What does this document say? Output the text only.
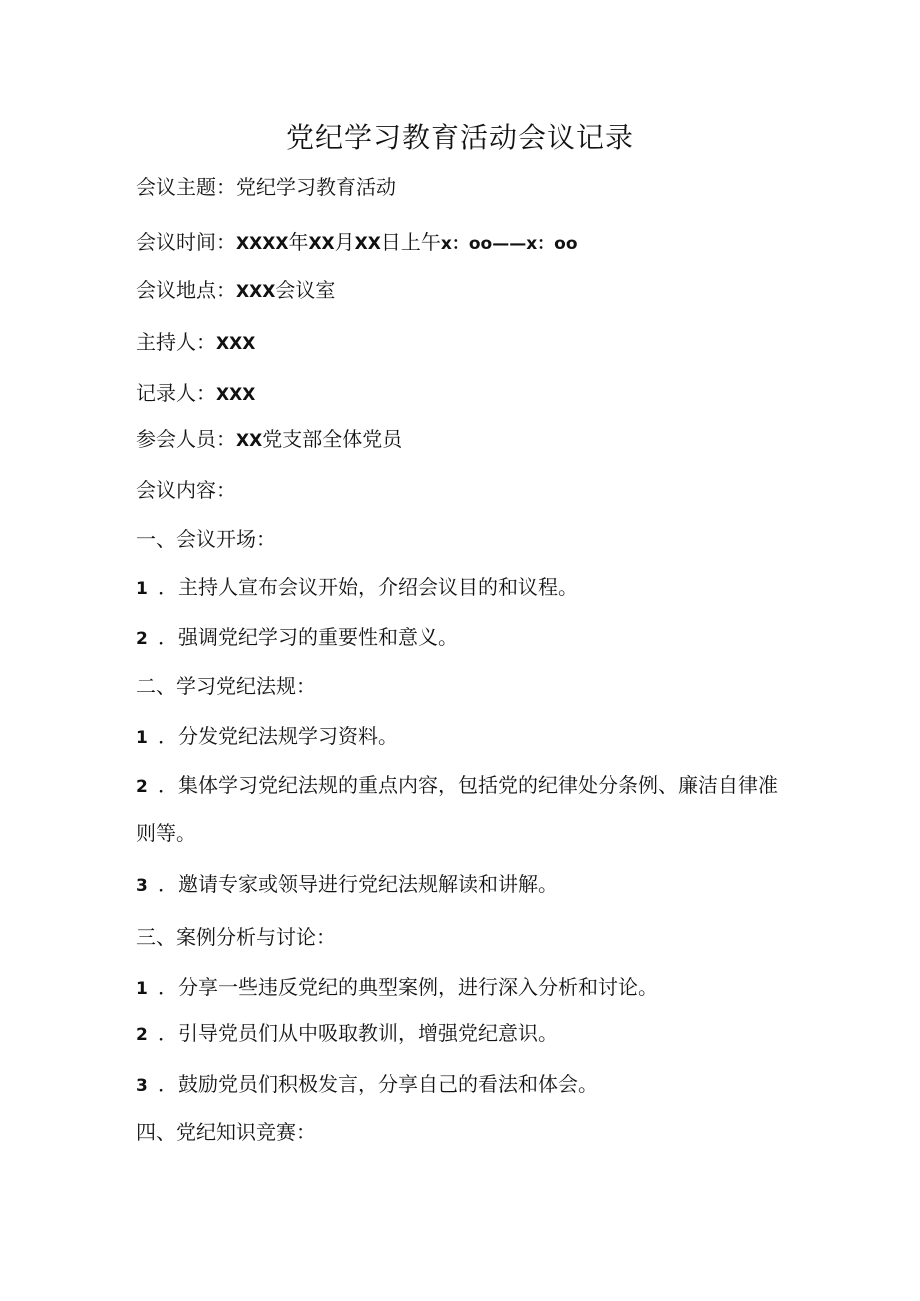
党纪学习教育活动会议记录
会议主题：党纪学习教育活动
会议时间：XXXX年XX月XX日上午x：oo——x：oo
会议地点：XXX会议室
主持人：XXX
记录人：XXX
参会人员：XX党支部全体党员
会议内容：
一、会议开场：
1 ．主持人宣布会议开始，介绍会议目的和议程。
2 ．强调党纪学习的重要性和意义。
二、学习党纪法规：
1 ．分发党纪法规学习资料。
2 ．集体学习党纪法规的重点内容，包括党的纪律处分条例、廉洁自律准
则等。
3 ．邀请专家或领导进行党纪法规解读和讲解。
三、案例分析与讨论：
1 ．分享一些违反党纪的典型案例，进行深入分析和讨论。
2 ．引导党员们从中吸取教训，增强党纪意识。
3 ．鼓励党员们积极发言，分享自己的看法和体会。
四、党纪知识竞赛：
